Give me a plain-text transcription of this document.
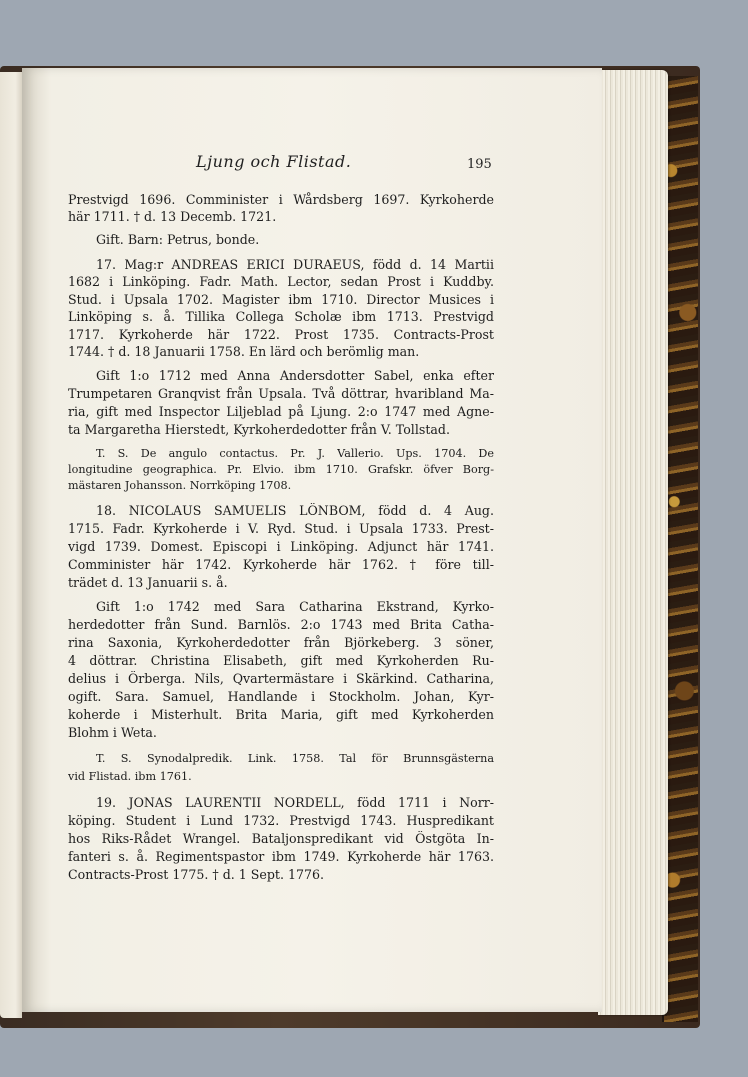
Ljung och Flistad.	195
Prestvigd 1696. Comminister i Wårdsberg 1697. Kyrkoherde
här 1711. † d. 13 Decemb. 1721.
Gift. Barn: Petrus, bonde.
17. Mag:r ANDREAS ERICI DURAEUS, född d. 14 Martii
1682 i Linköping. Fadr. Math. Lector, sedan Prost i Kuddby.
Stud. i Upsala 1702. Magister ibm 1710. Director Musices i
Linköping s. å. Tillika Collega Scholæ ibm 1713. Prestvigd
1717. Kyrkoherde här 1722. Prost 1735. Contracts-Prost
1744. † d. 18 Januarii 1758. En lärd och berömlig man.
Gift 1:o 1712 med Anna Andersdotter Sabel, enka efter
Trumpetaren Granqvist från Upsala. Två döttrar, hvaribland Ma-
ria, gift med Inspector Liljeblad på Ljung. 2:o 1747 med Agne-
ta Margaretha Hierstedt, Kyrkoherdedotter från V. Tollstad.
T. S. De angulo contactus. Pr. J. Vallerio. Ups. 1704. De
longitudine geographica. Pr. Elvio. ibm 1710. Grafskr. öfver Borg-
mästaren Johansson. Norrköping 1708.
18. NICOLAUS SAMUELIS LÖNBOM, född d. 4 Aug.
1715. Fadr. Kyrkoherde i V. Ryd. Stud. i Upsala 1733. Prest-
vigd 1739. Domest. Episcopi i Linköping. Adjunct här 1741.
Comminister här 1742. Kyrkoherde här 1762. † före till-
trädet d. 13 Januarii s. å.
Gift 1:o 1742 med Sara Catharina Ekstrand, Kyrko-
herdedotter från Sund. Barnlös. 2:o 1743 med Brita Catha-
rina Saxonia, Kyrkoherdedotter från Björkeberg. 3 söner,
4 döttrar. Christina Elisabeth, gift med Kyrkoherden Ru-
delius i Örberga. Nils, Qvartermästare i Skärkind. Catharina,
ogift. Sara. Samuel, Handlande i Stockholm. Johan, Kyr-
koherde i Misterhult. Brita Maria, gift med Kyrkoherden
Blohm i Weta.
T. S. Synodalpredik. Link. 1758. Tal för Brunnsgästerna
vid Flistad. ibm 1761.
19. JONAS LAURENTII NORDELL, född 1711 i Norr-
köping. Student i Lund 1732. Prestvigd 1743. Huspredikant
hos Riks-Rådet Wrangel. Bataljonspredikant vid Östgöta In-
fanteri s. å. Regimentspastor ibm 1749. Kyrkoherde här 1763.
Contracts-Prost 1775. † d. 1 Sept. 1776.
